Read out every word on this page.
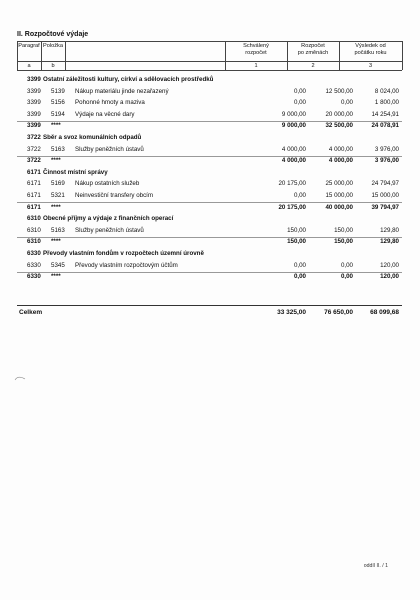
II. Rozpočtové výdaje
Paragraf Položka	Schválený
rozpočet
Rozpočet
po změnách
Výsledek od
počátku roku
a	b	1	2	3
3399 Ostatní záležitosti kultury, církví a sdělovacích prostředků
3399 5139 Nákup materiálu jinde nezařazený	0,00	12 500,00	8 024,00
3399 5156 Pohonné hmoty a maziva	0,00	0,00	1 800,00
3399 5194 Výdaje na věcné dary	9 000,00	20 000,00	14 254,91
3399 ****	9 000,00	32 500,00	24 078,91
3722 Sběr a svoz komunálních odpadů
3722 5163 Služby peněžních ústavů	4 000,00	4 000,00	3 976,00
3722 ****	4 000,00	4 000,00	3 976,00
6171 Činnost místní správy
6171 5169 Nákup ostatních služeb	20 175,00	25 000,00	24 794,97
6171 5321 Neinvestiční transfery obcím	0,00	15 000,00	15 000,00
6171 ****	20 175,00	40 000,00	39 794,97
6310 Obecné příjmy a výdaje z finančních operací
6310 5163 Služby peněžních ústavů	150,00	150,00	129,80
6310 ****	150,00	150,00	129,80
6330 Převody vlastním fondům v rozpočtech územní úrovně
6330 5345 Převody vlastním rozpočtovým účtům	0,00	0,00	120,00
6330 ****	0,00	0,00	120,00
Celkem	33 325,00	76 650,00	68 099,68
oddíl II. / 1
